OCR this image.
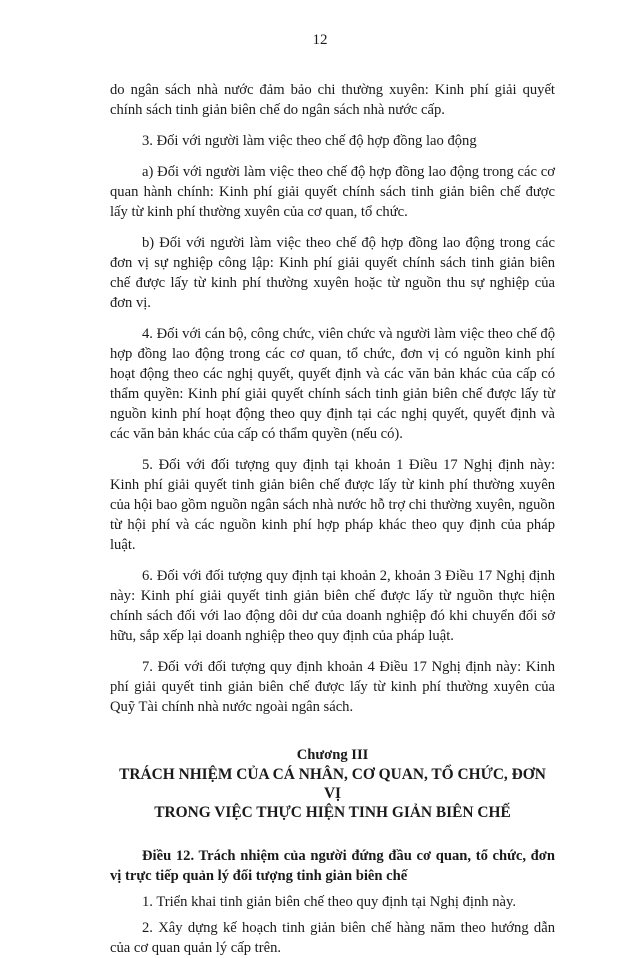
12

do ngân sách nhà nước đảm bảo chi thường xuyên: Kinh phí giải quyết chính sách tinh giản biên chế do ngân sách nhà nước cấp.

3. Đối với người làm việc theo chế độ hợp đồng lao động

a) Đối với người làm việc theo chế độ hợp đồng lao động trong các cơ quan hành chính: Kinh phí giải quyết chính sách tinh giản biên chế được lấy từ kinh phí thường xuyên của cơ quan, tổ chức.

b) Đối với người làm việc theo chế độ hợp đồng lao động trong các đơn vị sự nghiệp công lập: Kinh phí giải quyết chính sách tinh giản biên chế được lấy từ kinh phí thường xuyên hoặc từ nguồn thu sự nghiệp của đơn vị.

4. Đối với cán bộ, công chức, viên chức và người làm việc theo chế độ hợp đồng lao động trong các cơ quan, tổ chức, đơn vị có nguồn kinh phí hoạt động theo các nghị quyết, quyết định và các văn bản khác của cấp có thẩm quyền: Kinh phí giải quyết chính sách tinh giản biên chế được lấy từ nguồn kinh phí hoạt động theo quy định tại các nghị quyết, quyết định và các văn bản khác của cấp có thẩm quyền (nếu có).

5. Đối với đối tượng quy định tại khoản 1 Điều 17 Nghị định này: Kinh phí giải quyết tinh giản biên chế được lấy từ kinh phí thường xuyên của hội bao gồm nguồn ngân sách nhà nước hỗ trợ chi thường xuyên, nguồn từ hội phí và các nguồn kinh phí hợp pháp khác theo quy định của pháp luật.

6. Đối với đối tượng quy định tại khoản 2, khoản 3 Điều 17 Nghị định này: Kinh phí giải quyết tinh giản biên chế được lấy từ nguồn thực hiện chính sách đối với lao động dôi dư của doanh nghiệp đó khi chuyển đổi sở hữu, sắp xếp lại doanh nghiệp theo quy định của pháp luật.

7. Đối với đối tượng quy định khoản 4 Điều 17 Nghị định này: Kinh phí giải quyết tinh giản biên chế được lấy từ kinh phí thường xuyên của Quỹ Tài chính nhà nước ngoài ngân sách.

Chương III
TRÁCH NHIỆM CỦA CÁ NHÂN, CƠ QUAN, TỔ CHỨC, ĐƠN VỊ
TRONG VIỆC THỰC HIỆN TINH GIẢN BIÊN CHẾ

Điều 12. Trách nhiệm của người đứng đầu cơ quan, tổ chức, đơn vị trực tiếp quản lý đối tượng tinh giản biên chế

1. Triển khai tinh giản biên chế theo quy định tại Nghị định này.

2. Xây dựng kế hoạch tinh giản biên chế hàng năm theo hướng dẫn của cơ quan quản lý cấp trên.
